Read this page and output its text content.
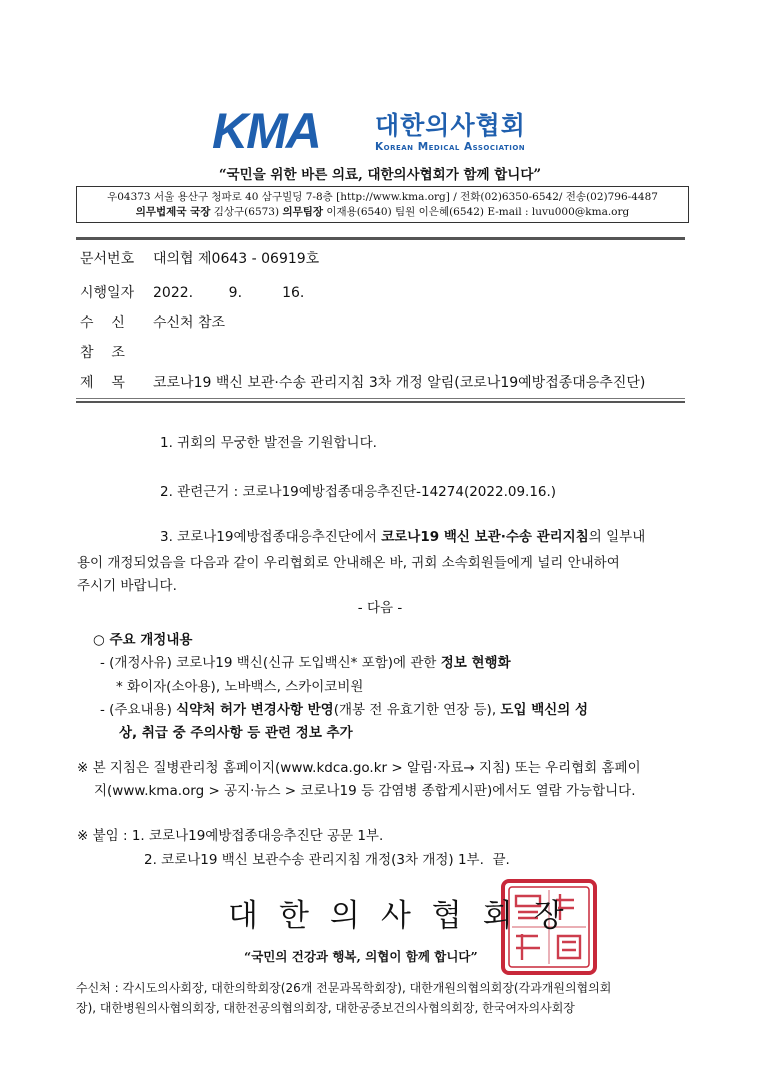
KMA	대한의사협회
Korean Medical Association
“국민을 위한 바른 의료, 대한의사협회가 함께 합니다”
우04373 서울 용산구 청파로 40 삼구빌딩 7-8층 [http://www.kma.org] / 전화(02)6350-6542/ 전송(02)796-4487
의무법제국 국장 김상구(6573) 의무팀장 이재용(6540) 팀원 이은혜(6542) E-mail : luvu000@kma.org
문서번호 대의협 제0643 - 06919호
시행일자 2022.        9.         16.
수    신 수신처 참조
참    조
제    목 코로나19 백신 보관·수송 관리지침 3차 개정 알림(코로나19예방접종대응추진단)
1. 귀회의 무궁한 발전을 기원합니다.
2. 관련근거 : 코로나19예방접종대응추진단-14274(2022.09.16.)
3. 코로나19예방접종대응추진단에서 코로나19 백신 보관·수송 관리지침의 일부내
용이 개정되었음을 다음과 같이 우리협회로 안내해온 바, 귀회 소속회원들에게 널리 안내하여
주시기 바랍니다.
- 다음 -
○ 주요 개정내용
- (개정사유) 코로나19 백신(신규 도입백신* 포함)에 관한 정보 현행화
* 화이자(소아용), 노바백스, 스카이코비원
- (주요내용) 식약처 허가 변경사항 반영(개봉 전 유효기한 연장 등), 도입 백신의 성
상, 취급 중 주의사항 등 관련 정보 추가
※ 본 지침은 질병관리청 홈페이지(www.kdca.go.kr > 알림·자료→ 지침) 또는 우리협회 홈페이
지(www.kma.org > 공지·뉴스 > 코로나19 등 감염병 종합게시판)에서도 열람 가능합니다.
※ 붙임 : 1. 코로나19예방접종대응추진단 공문 1부.
2. 코로나19 백신 보관수송 관리지침 개정(3차 개정) 1부.  끝.
대한의사협회장
“국민의 건강과 행복, 의협이 함께 합니다”
수신처 : 각시도의사회장, 대한의학회장(26개 전문과목학회장), 대한개원의협의회장(각과개원의협의회
장), 대한병원의사협의회장, 대한전공의협의회장, 대한공중보건의사협의회장, 한국여자의사회장
